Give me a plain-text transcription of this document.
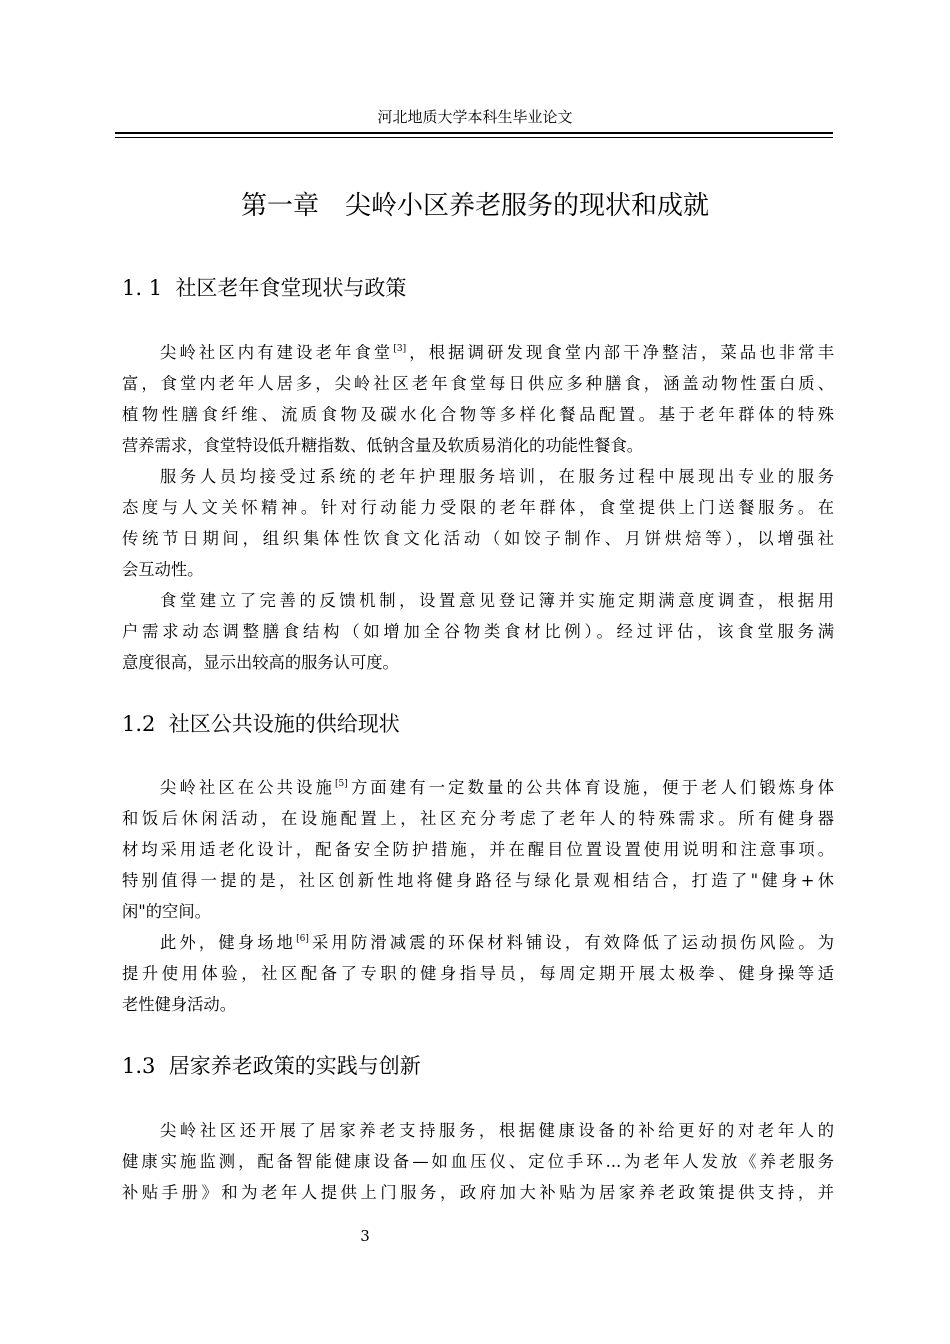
河北地质大学本科生毕业论文
第一章　尖岭小区养老服务的现状和成就
1. 1 社区老年食堂现状与政策
尖岭社区内有建设老年食堂[3]，根据调研发现食堂内部干净整洁，菜品也非常丰
富，食堂内老年人居多，尖岭社区老年食堂每日供应多种膳食，涵盖动物性蛋白质、
植物性膳食纤维、流质食物及碳水化合物等多样化餐品配置。基于老年群体的特殊
营养需求，食堂特设低升糖指数、低钠含量及软质易消化的功能性餐食。
服务人员均接受过系统的老年护理服务培训，在服务过程中展现出专业的服务
态度与人文关怀精神。针对行动能力受限的老年群体，食堂提供上门送餐服务。在
传统节日期间，组织集体性饮食文化活动（如饺子制作、月饼烘焙等），以增强社
会互动性。
食堂建立了完善的反馈机制，设置意见登记簿并实施定期满意度调查，根据用
户需求动态调整膳食结构（如增加全谷物类食材比例）。经过评估，该食堂服务满
意度很高，显示出较高的服务认可度。
1.2 社区公共设施的供给现状
尖岭社区在公共设施[5]方面建有一定数量的公共体育设施，便于老人们锻炼身体
和饭后休闲活动，在设施配置上，社区充分考虑了老年人的特殊需求。所有健身器
材均采用适老化设计，配备安全防护措施，并在醒目位置设置使用说明和注意事项。
特别值得一提的是，社区创新性地将健身路径与绿化景观相结合，打造了"健身+休
闲"的空间。
此外，健身场地[6]采用防滑减震的环保材料铺设，有效降低了运动损伤风险。为
提升使用体验，社区配备了专职的健身指导员，每周定期开展太极拳、健身操等适
老性健身活动。
1.3 居家养老政策的实践与创新
尖岭社区还开展了居家养老支持服务，根据健康设备的补给更好的对老年人的
健康实施监测，配备智能健康设备—如血压仪、定位手环...为老年人发放《养老服务
补贴手册》和为老年人提供上门服务，政府加大补贴为居家养老政策提供支持，并
3
